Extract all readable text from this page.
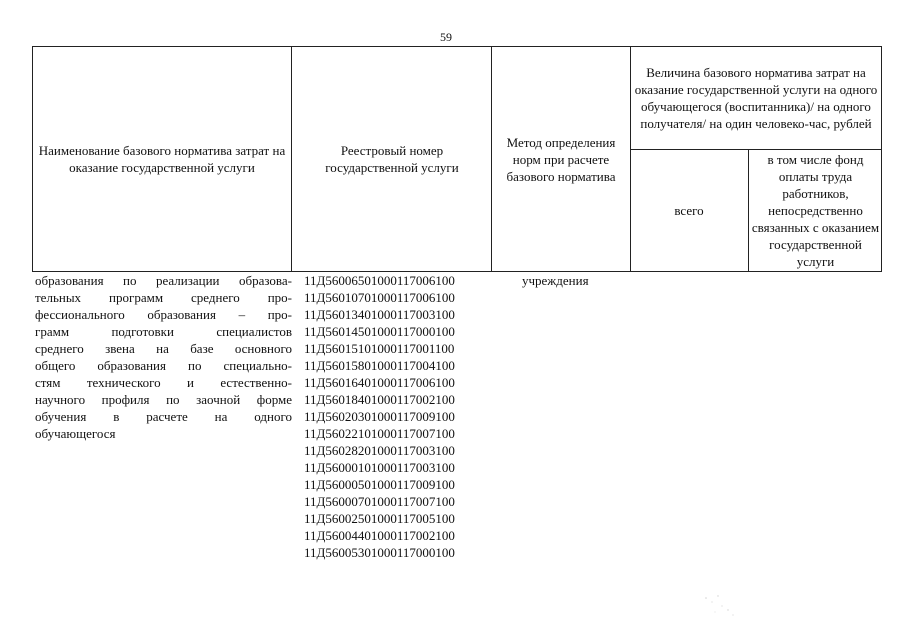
59
Наименование базового норматива затрат на оказание государственной услуги
Реестровый номер государственной услуги
Метод определения норм при расчете базового норматива
Величина базового норматива затрат на оказание государственной услуги на одного обучающегося (воспитанника)/ на одного получателя/ на один человеко-час, рублей
всего
в том числе фонд оплаты труда работников, непосредственно связанных с оказанием государственной услуги
образования по реализации образова-
тельных программ среднего про-
фессионального образования – про-
грамм подготовки специалистов
среднего звена на базе основного
общего образования по специально-
стям технического и естественно-
научного профиля по заочной форме
обучения в расчете на одного
обучающегося
11Д56006501000117006100
11Д56010701000117006100
11Д56013401000117003100
11Д56014501000117000100
11Д56015101000117001100
11Д56015801000117004100
11Д56016401000117006100
11Д56018401000117002100
11Д56020301000117009100
11Д56022101000117007100
11Д56028201000117003100
11Д56000101000117003100
11Д56000501000117009100
11Д56000701000117007100
11Д56002501000117005100
11Д56004401000117002100
11Д56005301000117000100
учреждения
